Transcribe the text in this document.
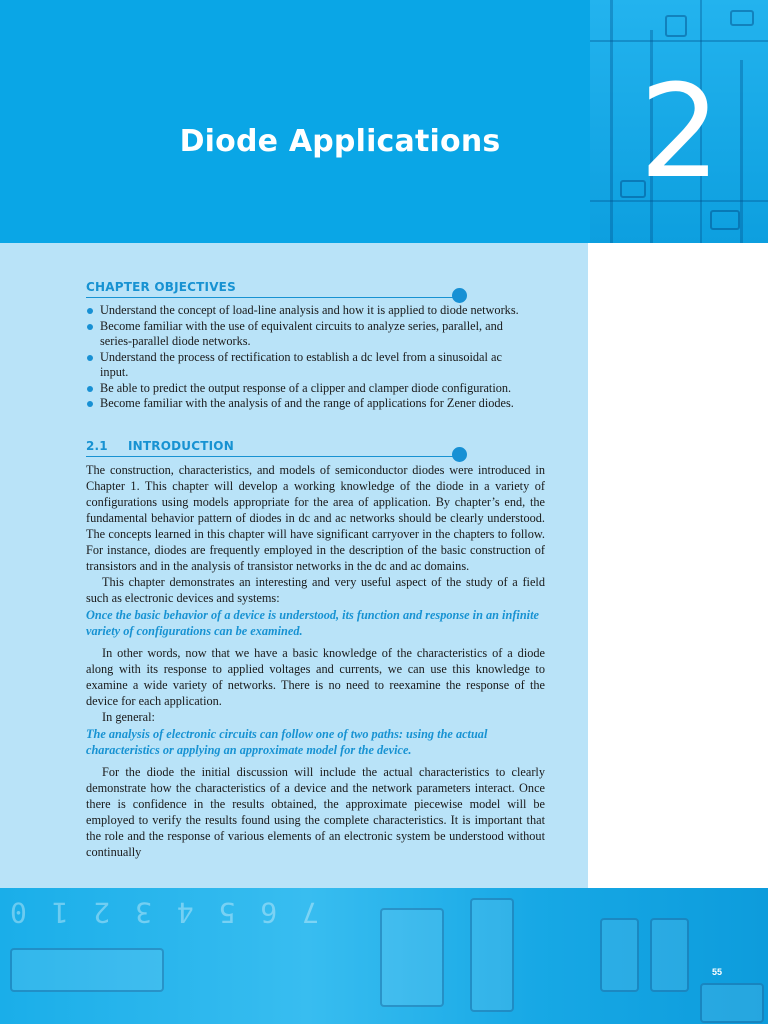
Diode Applications	2
CHAPTER OBJECTIVES
Understand the concept of load-line analysis and how it is applied to diode networks.
Become familiar with the use of equivalent circuits to analyze series, parallel, and series-parallel diode networks.
Understand the process of rectification to establish a dc level from a sinusoidal ac input.
Be able to predict the output response of a clipper and clamper diode configuration.
Become familiar with the analysis of and the range of applications for Zener diodes.
2.1 INTRODUCTION

The construction, characteristics, and models of semiconductor diodes were introduced in Chapter 1. This chapter will develop a working knowledge of the diode in a variety of configurations using models appropriate for the area of application. By chapter’s end, the fundamental behavior pattern of diodes in dc and ac networks should be clearly understood. The concepts learned in this chapter will have significant carryover in the chapters to follow. For instance, diodes are frequently employed in the description of the basic construction of transistors and in the analysis of transistor networks in the dc and ac domains.

This chapter demonstrates an interesting and very useful aspect of the study of a field such as electronic devices and systems:

Once the basic behavior of a device is understood, its function and response in an infinite variety of configurations can be examined.

In other words, now that we have a basic knowledge of the characteristics of a diode along with its response to applied voltages and currents, we can use this knowledge to examine a wide variety of networks. There is no need to reexamine the response of the device for each application.

In general:

The analysis of electronic circuits can follow one of two paths: using the actual characteristics or applying an approximate model for the device.

For the diode the initial discussion will include the actual characteristics to clearly demonstrate how the characteristics of a device and the network parameters interact. Once there is confidence in the results obtained, the approximate piecewise model will be employed to verify the results found using the complete characteristics. It is important that the role and the response of various elements of an electronic system be understood without continually

7 6 5 4 3 2 1 0
55
